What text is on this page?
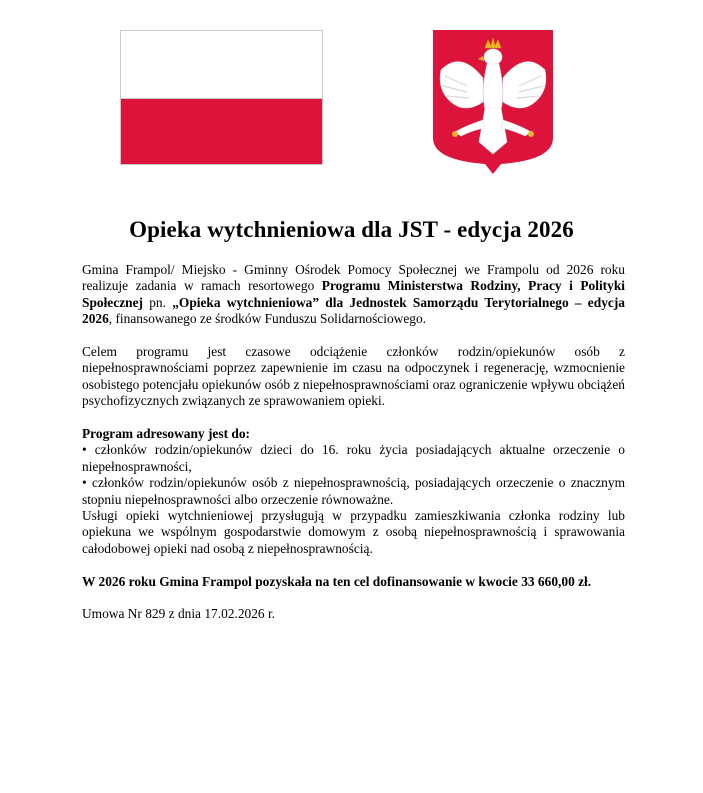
Opieka wytchnieniowa dla JST - edycja 2026

Gmina Frampol/ Miejsko - Gminny Ośrodek Pomocy Społecznej we Frampolu od 2026 roku realizuje zadania w ramach resortowego Programu Ministerstwa Rodziny, Pracy i Polityki Społecznej pn. „Opieka wytchnieniowa” dla Jednostek Samorządu Terytorialnego – edycja 2026, finansowanego ze środków Funduszu Solidarnościowego.

Celem programu jest czasowe odciążenie członków rodzin/opiekunów osób z niepełnosprawnościami poprzez zapewnienie im czasu na odpoczynek i regenerację, wzmocnienie osobistego potencjału opiekunów osób z niepełnosprawnościami oraz ograniczenie wpływu obciążeń psychofizycznych związanych ze sprawowaniem opieki.

Program adresowany jest do:

• członków rodzin/opiekunów dzieci do 16. roku życia posiadających aktualne orzeczenie o niepełnosprawności,

• członków rodzin/opiekunów osób z niepełnosprawnością, posiadających orzeczenie o znacznym stopniu niepełnosprawności albo orzeczenie równoważne.

Usługi opieki wytchnieniowej przysługują w przypadku zamieszkiwania członka rodziny lub opiekuna we wspólnym gospodarstwie domowym z osobą niepełnosprawnością i sprawowania całodobowej opieki nad osobą z niepełnosprawnością.

W 2026 roku Gmina Frampol pozyskała na ten cel dofinansowanie w kwocie 33 660,00 zł.

Umowa Nr 829 z dnia 17.02.2026 r.
